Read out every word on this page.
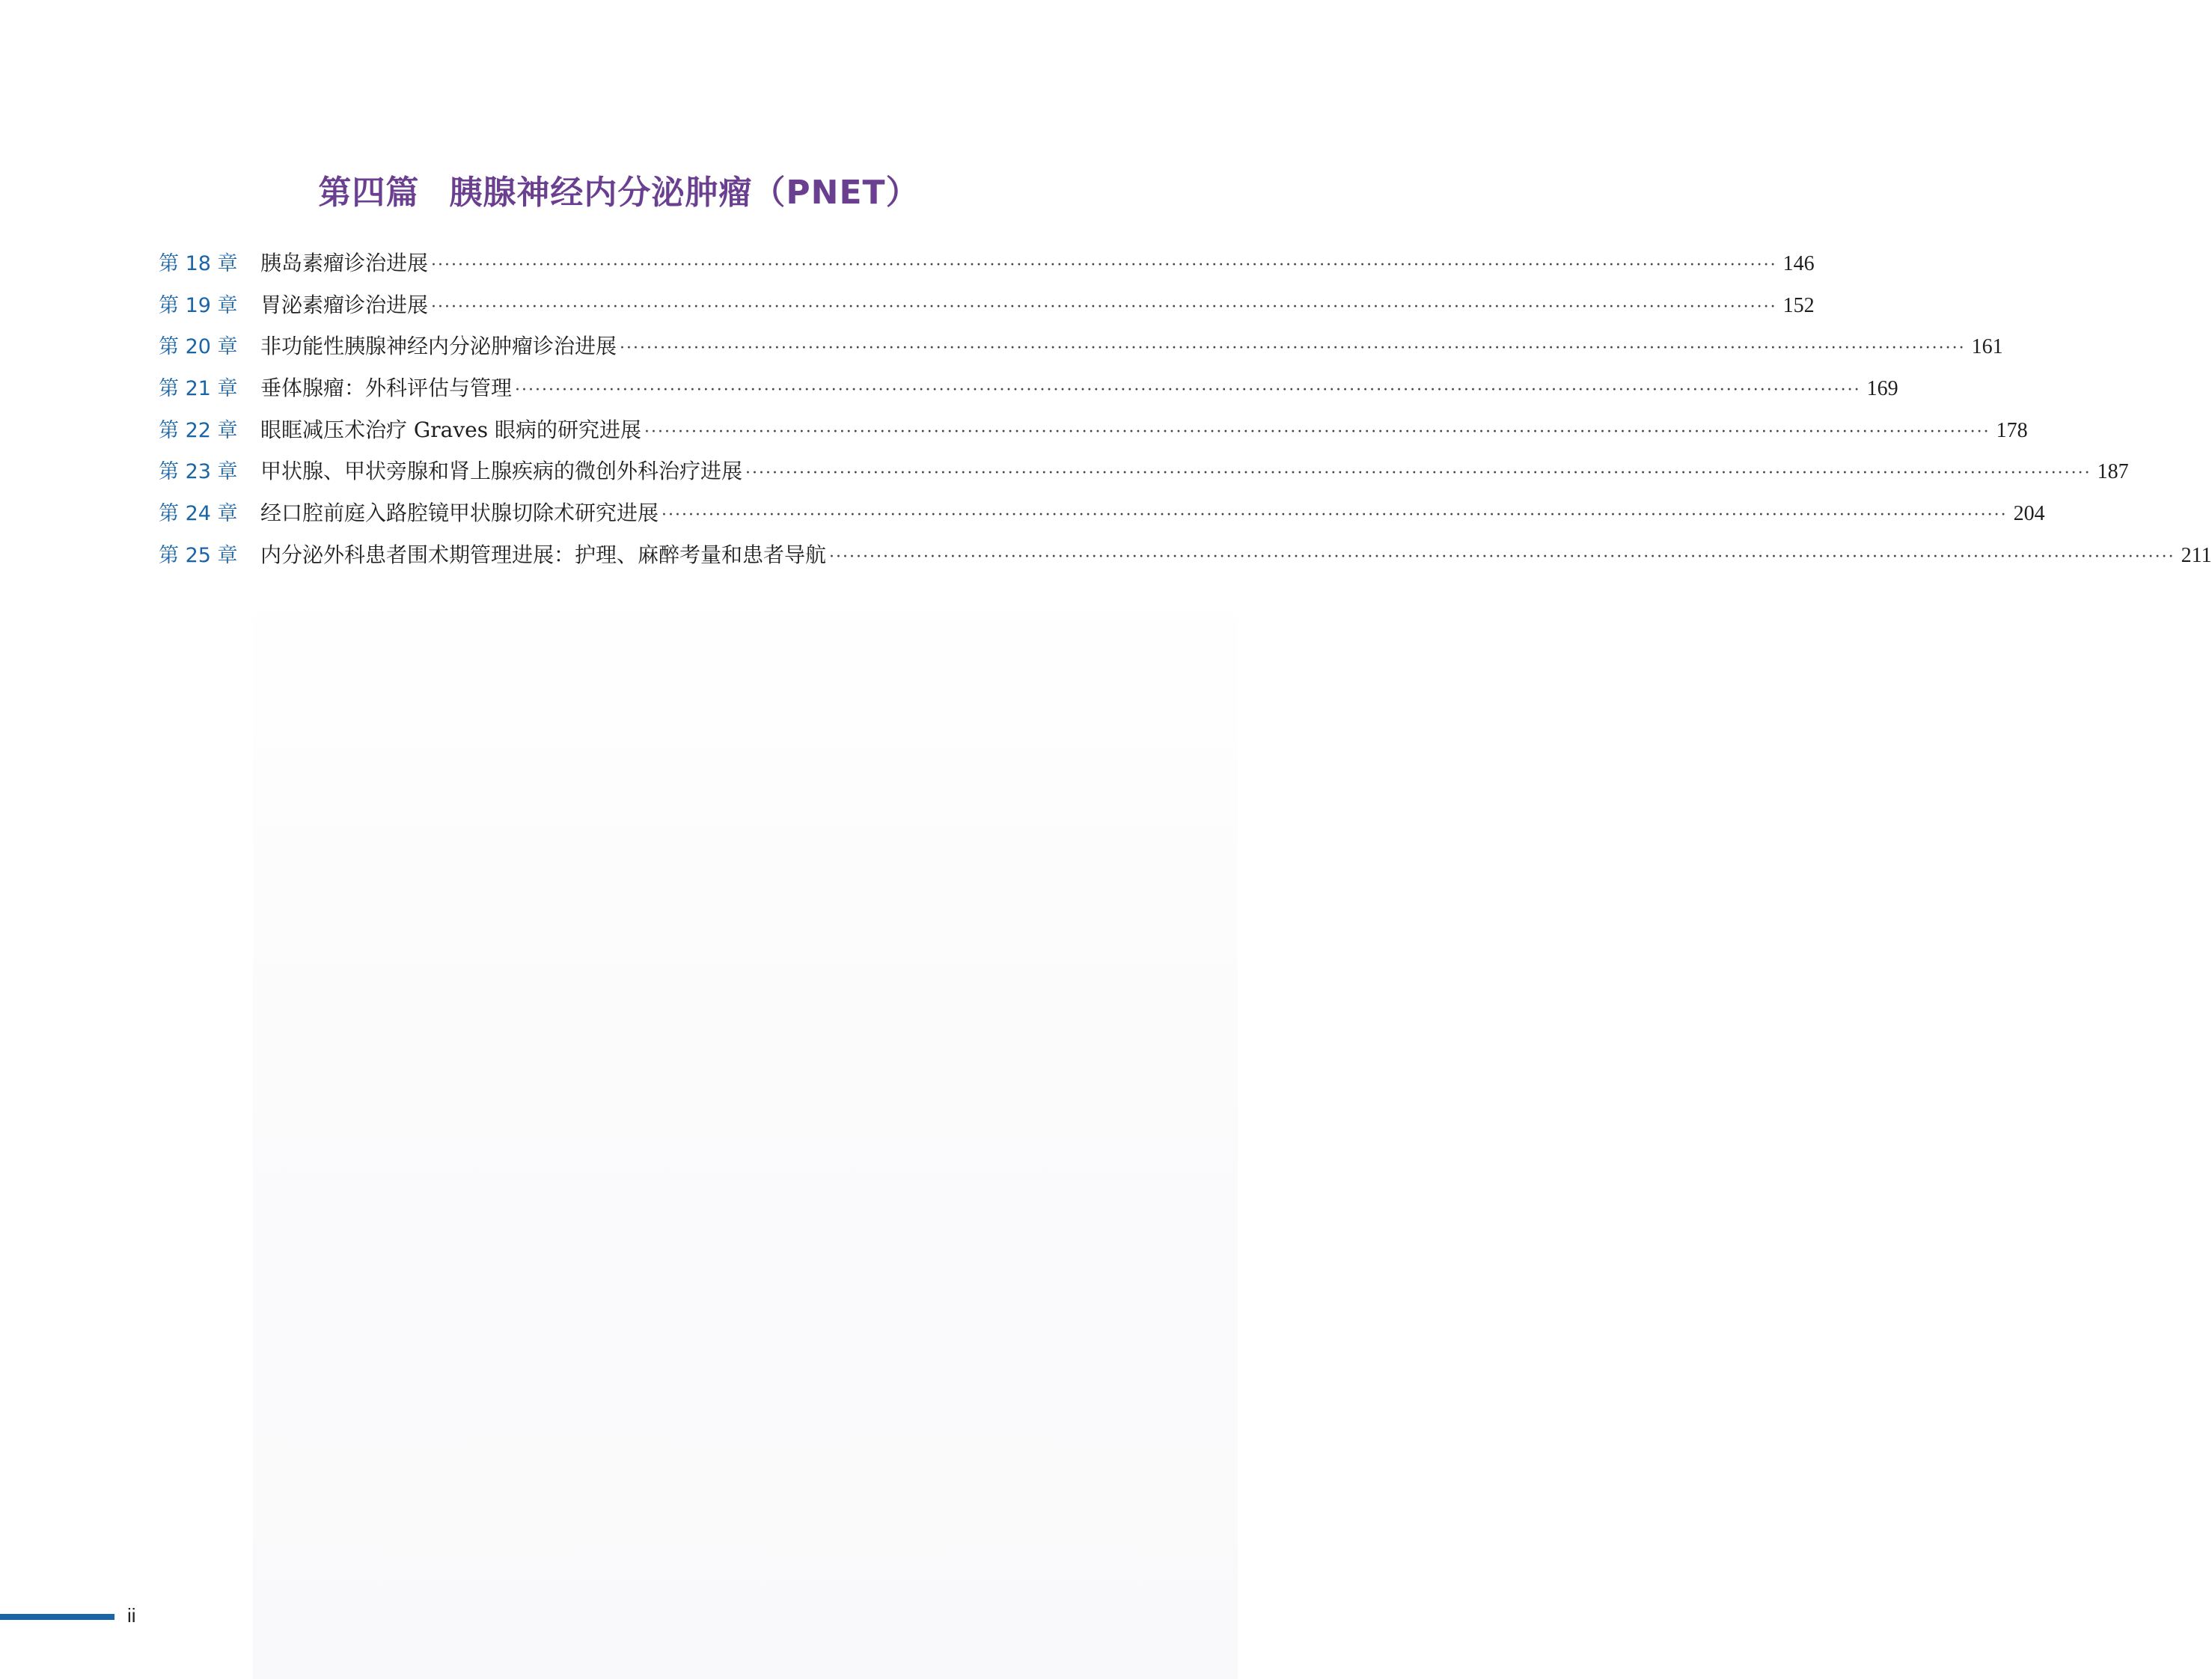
第四篇 胰腺神经内分泌肿瘤（PNET）
第 18 章	胰岛素瘤诊治进展 ········································································································································································································ 146
第 19 章	胃泌素瘤诊治进展 ········································································································································································································ 152
第 20 章	非功能性胰腺神经内分泌肿瘤诊治进展 ········································································································································································································ 161
第 21 章	垂体腺瘤：外科评估与管理 ········································································································································································································ 169
第 22 章	眼眶减压术治疗 Graves 眼病的研究进展 ········································································································································································································ 178
第 23 章	甲状腺、甲状旁腺和肾上腺疾病的微创外科治疗进展 ········································································································································································································ 187
第 24 章	经口腔前庭入路腔镜甲状腺切除术研究进展 ········································································································································································································ 204
第 25 章	内分泌外科患者围术期管理进展：护理、麻醉考量和患者导航 ········································································································································································································ 211
ii
